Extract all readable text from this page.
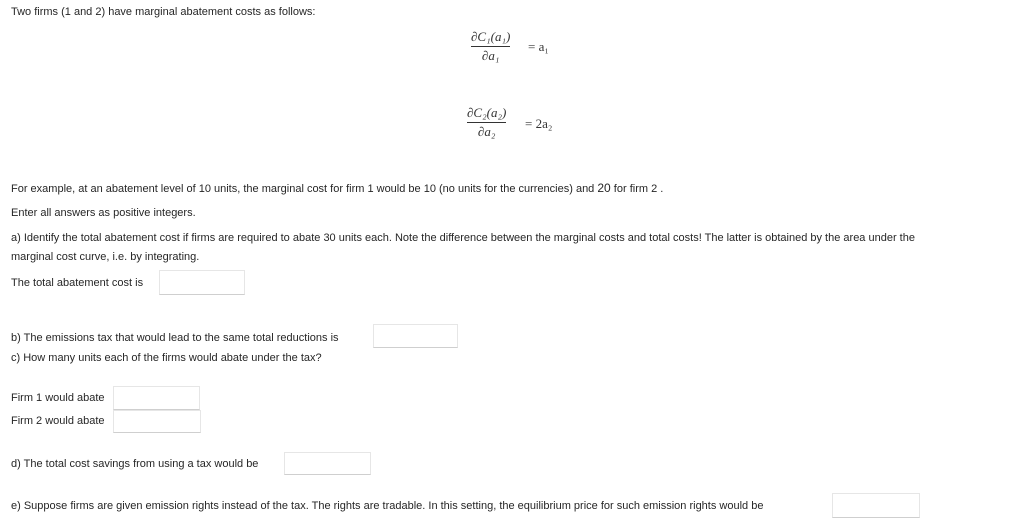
Two firms (1 and 2) have marginal abatement costs as follows:
∂C₁(a₁)
∂a₁
= a₁
∂C₂(a₂)
∂a₂
= 2a₂
For example, at an abatement level of 10 units, the marginal cost for firm 1 would be 10 (no units for the currencies) and 20 for firm 2 .
Enter all answers as positive integers.
a) Identify the total abatement cost if firms are required to abate 30 units each. Note the difference between the marginal costs and total costs! The latter is obtained by the area under the
marginal cost curve, i.e. by integrating.
The total abatement cost is
b) The emissions tax that would lead to the same total reductions is
c) How many units each of the firms would abate under the tax?
Firm 1 would abate
Firm 2 would abate
d) The total cost savings from using a tax would be
e) Suppose firms are given emission rights instead of the tax. The rights are tradable. In this setting, the equilibrium price for such emission rights would be
